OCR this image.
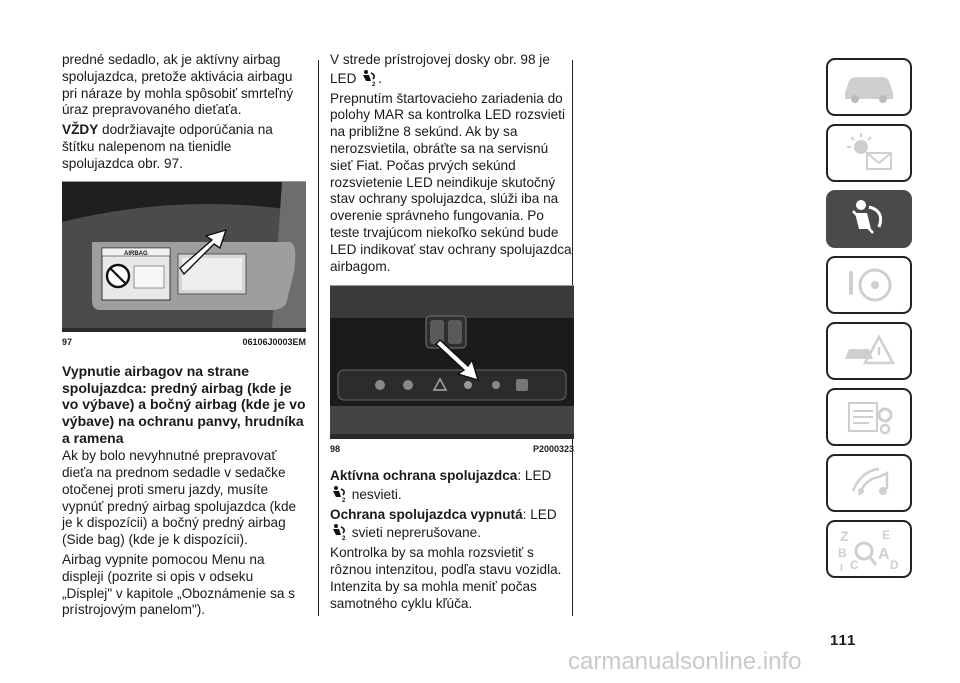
predné sedadlo, ak je aktívny airbag spolujazdca, pretože aktivácia airbagu pri náraze by mohla spôsobiť smrteľný úraz prepravovaného dieťaťa.

VŽDY dodržiavajte odporúčania na štítku nalepenom na tienidle spolujazdca obr. 97.

AIRBAG
97	06106J0003EM
Vypnutie airbagov na strane spolujazdca: predný airbag (kde je vo výbave) a bočný airbag (kde je vo výbave) na ochranu panvy, hrudníka a ramena

Ak by bolo nevyhnutné prepravovať dieťa na prednom sedadle v sedačke otočenej proti smeru jazdy, musíte vypnúť predný airbag spolujazdca (kde je k dispozícii) a bočný predný airbag (Side bag) (kde je k dispozícii).

Airbag vypnite pomocou Menu na displeji (pozrite si opis v odseku „Displej" v kapitole „Oboznámenie sa s prístrojovým panelom").

V strede prístrojovej dosky obr. 98 je LED 2 .

Prepnutím štartovacieho zariadenia do polohy MAR sa kontrolka LED rozsvieti na približne 8 sekúnd. Ak by sa nerozsvietila, obráťte sa na servisnú sieť Fiat. Počas prvých sekúnd rozsvietenie LED neindikuje skutočný stav ochrany spolujazdca, slúži iba na overenie správneho fungovania. Po teste trvajúcom niekoľko sekúnd bude LED indikovať stav ochrany spolujazdca airbagom.

98	P2000323

Aktívna ochrana spolujazdca: LED

2 nesvieti.

Ochrana spolujazdca vypnutá: LED

2 svieti neprerušovane.

Kontrolka by sa mohla rozsvietiť s rôznou intenzitou, podľa stavu vozidla. Intenzita by sa mohla meniť počas samotného cyklu kľúča.

Z	E
B A
C	D
I
111
carmanualsonline.info
